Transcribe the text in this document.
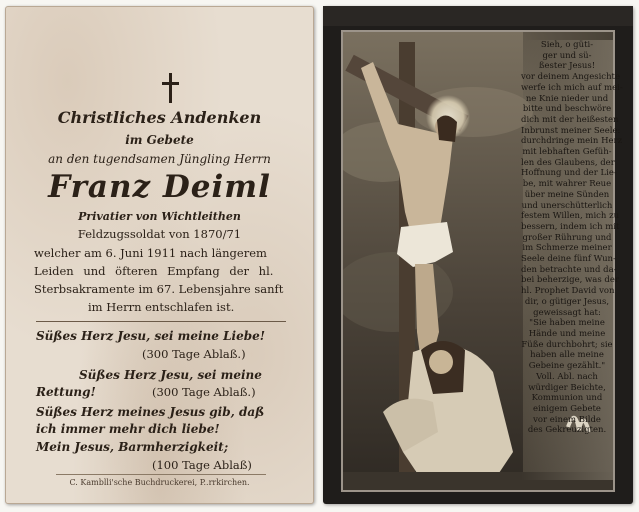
Christliches Andenken
im Gebete
an den tugendsamen Jüngling Herrn
Franz Deiml
Privatier von Wichtleithen
Feldzugssoldat von 1870/71
welcher am 6. Juni 1911 nach längerem
Leiden und öfteren Empfang der hl.
Sterbsakramente im 67. Lebensjahre sanft
im Herrn entschlafen ist.
Süßes Herz Jesu, sei meine Liebe!
(300 Tage Ablaß.)
Süßes Herz Jesu, sei meine
Rettung!	(300 Tage Ablaß.)
Süßes Herz meines Jesus gib, daß
ich immer mehr dich liebe!
Mein Jesus, Barmherzigkeit;
(100 Tage Ablaß)
C. Kamblli'sche Buchdruckerei, P..rrkirchen.
Sieh, o güti-
ger und sü-
ßester Jesus!
vor deinem Angesichte
werfe ich mich auf mei-
ne Knie nieder und
bitte und beschwöre
dich mit der heißesten
Inbrunst meiner Seele:
durchdringe mein Herz
mit lebhaften Gefüh-
len des Glaubens, der
Hoffnung und der Lie-
be, mit wahrer Reue
über meine Sünden
und unerschütterlich
festem Willen, mich zu
bessern, indem ich mit
großer Rührung und
im Schmerze meiner
Seele deine fünf Wun-
den betrachte und da-
bei beherzige, was der
hl. Prophet David von
dir, o gütiger Jesus,
geweissagt hat:
"Sie haben meine
Hände und meine
Füße durchbohrt; sie
haben alle meine
Gebeine gezählt."
Voll. Abl. nach
würdiger Beichte,
Kommunion und
einigem Gebete
vor einem Bilde
des Gekreuzigten.
